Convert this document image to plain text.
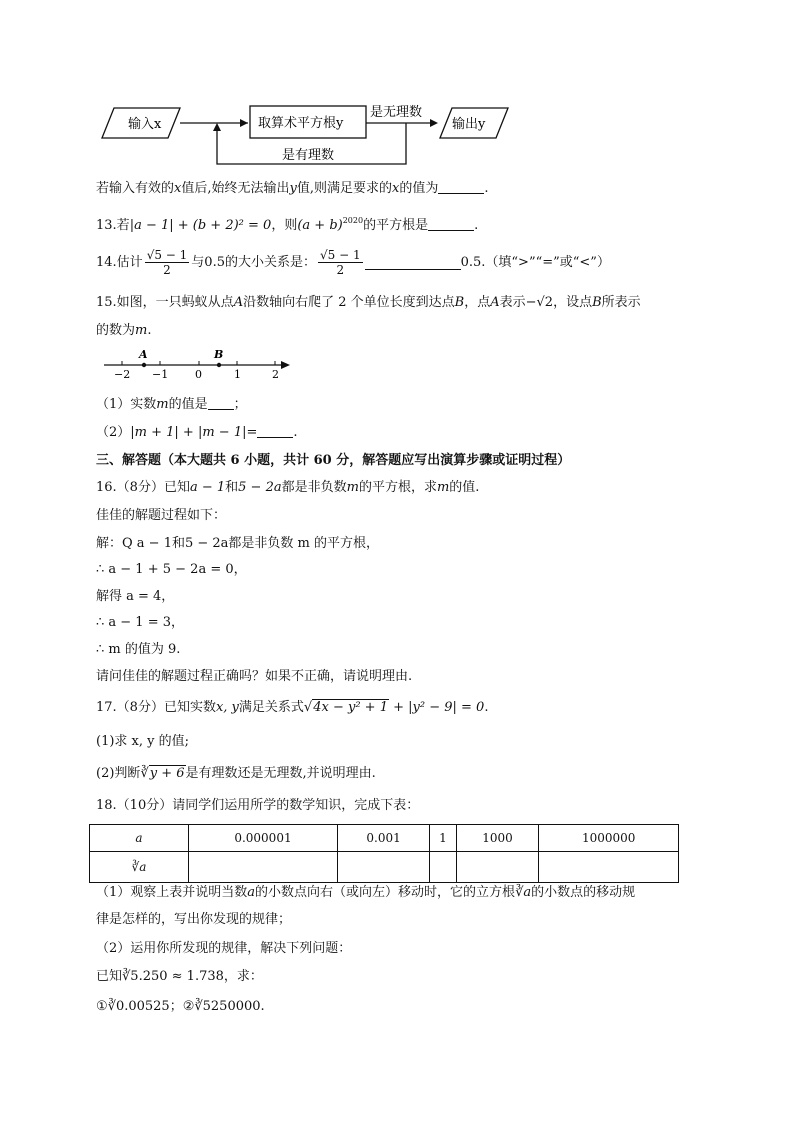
输入x	取算术平方根y
是无理数
输出y
是有理数
若输入有效的x值后,始终无法输出y值,则满足要求的x的值为	.
13.若|a − 1| + (b + 2)² = 0，则$(a + b)^{2020}$的平方根是	.
14.估计 $\frac{√5 - 1}{2}$ 与0.5的大小关系是： $\frac{√5 - 1}{2}$	0.5.（填“>”“=”或“<”）
15.如图，一只蚂蚁从点A沿数轴向右爬了 2 个单位长度到达点B，点A表示−√2，设点B所表示
的数为m.
A	B
−2 −1 0	1	2
（1）实数m的值是 ；
（2）|m + 1| + |m − 1|=	.
三、解答题（本大题共 6 小题，共计 60 分，解答题应写出演算步骤或证明过程）
16.（8分）已知a − 1和5 − 2a都是非负数m的平方根，求m的值.
佳佳的解题过程如下：
解：Q a − 1和5 − 2a都是非负数 m 的平方根，
∴ a − 1 + 5 − 2a = 0，
解得 a = 4，
∴ a − 1 = 3，
∴ m 的值为 9.
请问佳佳的解题过程正确吗？如果不正确，请说明理由.
17.（8分）已知实数x, y满足关系式√4x − y² + 1 + |y² − 9| = 0.
(1)求 x, y 的值;
(2)判断∛y + 6是有理数还是无理数,并说明理由.
18.（10分）请同学们运用所学的数学知识，完成下表：
a	0.000001	0.001	1	1000	1000000
∛a					
（1）观察上表并说明当数a的小数点向右（或向左）移动时，它的立方根∛a的小数点的移动规
律是怎样的，写出你发现的规律；
（2）运用你所发现的规律，解决下列问题：
已知∛5.250 ≈ 1.738，求：
①∛0.00525；②∛5250000.
